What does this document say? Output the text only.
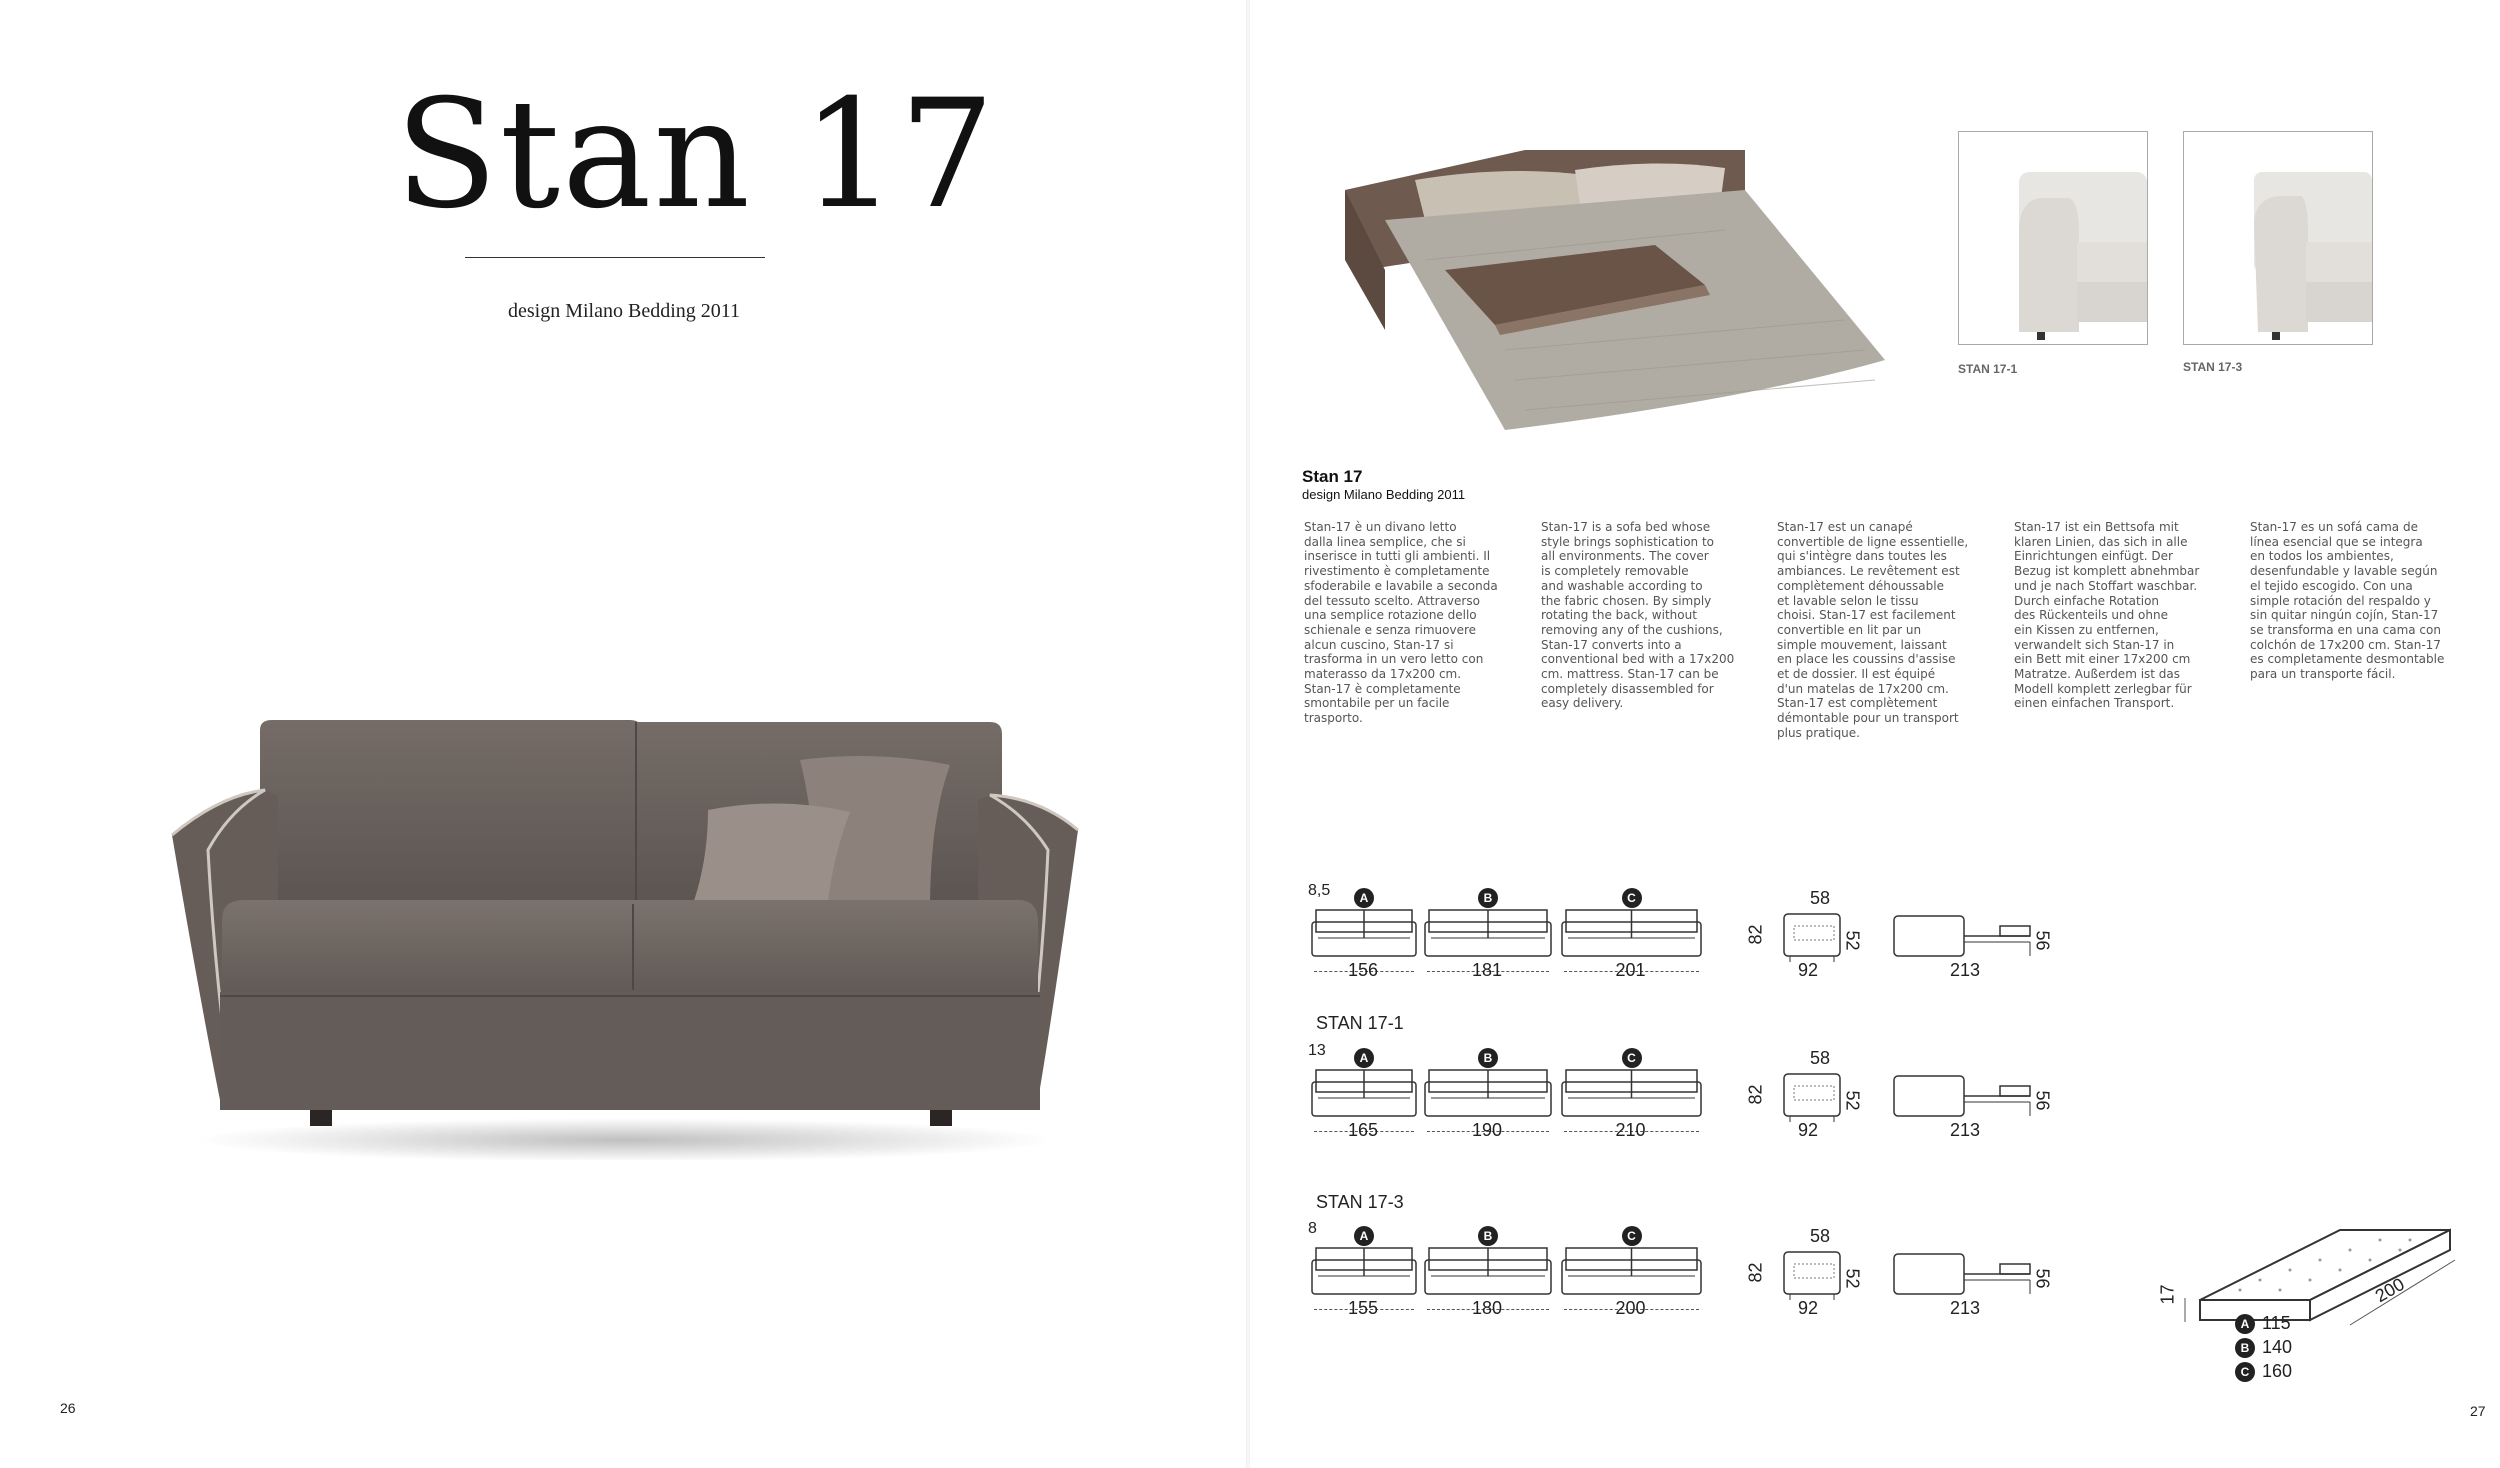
Stan 17
design Milano Bedding 2011
26
STAN 17-1	STAN 17-3
Stan 17
design Milano Bedding 2011
Stan-17 è un divano letto
dalla linea semplice, che si
inserisce in tutti gli ambienti. Il
rivestimento è completamente
sfoderabile e lavabile a seconda
del tessuto scelto. Attraverso
una semplice rotazione dello
schienale e senza rimuovere
alcun cuscino, Stan-17 si
trasforma in un vero letto con
materasso da 17x200 cm.
Stan-17 è completamente
smontabile per un facile
trasporto.
Stan-17 is a sofa bed whose
style brings sophistication to
all environments. The cover
is completely removable
and washable according to
the fabric chosen. By simply
rotating the back, without
removing any of the cushions,
Stan-17 converts into a
conventional bed with a 17x200
cm. mattress. Stan-17 can be
completely disassembled for
easy delivery.
Stan-17 est un canapé
convertible de ligne essentielle,
qui s'intègre dans toutes les
ambiances. Le revêtement est
complètement déhoussable
et lavable selon le tissu
choisi. Stan-17 est facilement
convertible en lit par un
simple mouvement, laissant
en place les coussins d'assise
et de dossier. Il est équipé
d'un matelas de 17x200 cm.
Stan-17 est complètement
démontable pour un transport
plus pratique.
Stan-17 ist ein Bettsofa mit
klaren Linien, das sich in alle
Einrichtungen einfügt. Der
Bezug ist komplett abnehmbar
und je nach Stoffart waschbar.
Durch einfache Rotation
des Rückenteils und ohne
ein Kissen zu entfernen,
verwandelt sich Stan-17 in
ein Bett mit einer 17x200 cm
Matratze. Außerdem ist das
Modell komplett zerlegbar für
einen einfachen Transport.
Stan-17 es un sofá cama de
línea esencial que se integra
en todos los ambientes,
desenfundable y lavable según
el tejido escogido. Con una
simple rotación del respaldo y
sin quitar ningún cojín, Stan-17
se transforma en una cama con
colchón de 17x200 cm. Stan-17
es completamente desmontable
para un transporte fácil.
8,5	A
156
B
181
C
201
58
82	52
92	213
56
STAN 17-1
13	A
165
B
190
C
210
58
82	52
92	213
56
STAN 17-3
8	A
155
B
180
C
200
58
82	52
92	213
56
17	200
A 115
B 140
C 160
27
